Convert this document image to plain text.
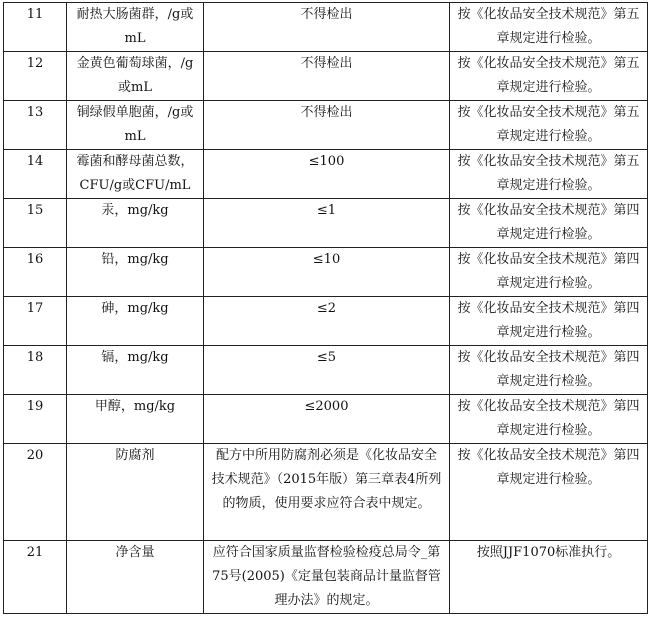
11	耐热大肠菌群，/g或mL	不得检出	按《化妆品安全技术规范》第五章规定进行检验。
12	金黄色葡萄球菌，/g或mL	不得检出	按《化妆品安全技术规范》第五章规定进行检验。
13	铜绿假单胞菌，/g或mL	不得检出	按《化妆品安全技术规范》第五章规定进行检验。
14	霉菌和酵母菌总数，CFU/g或CFU/mL	≤100	按《化妆品安全技术规范》第五章规定进行检验。
15	汞，mg/kg	≤1	按《化妆品安全技术规范》第四章规定进行检验。
16	铅，mg/kg	≤10	按《化妆品安全技术规范》第四章规定进行检验。
17	砷，mg/kg	≤2	按《化妆品安全技术规范》第四章规定进行检验。
18	镉，mg/kg	≤5	按《化妆品安全技术规范》第四章规定进行检验。
19	甲醇，mg/kg	≤2000	按《化妆品安全技术规范》第四章规定进行检验。
20	防腐剂	配方中所用防腐剂必须是《化妆品安全技术规范》（2015年版）第三章表4所列的物质，使用要求应符合表中规定。	按《化妆品安全技术规范》第四章规定进行检验。
21	净含量	应符合国家质量监督检验检疫总局令_第75号(2005)《定量包装商品计量监督管理办法》的规定。	按照JJF1070标准执行。
